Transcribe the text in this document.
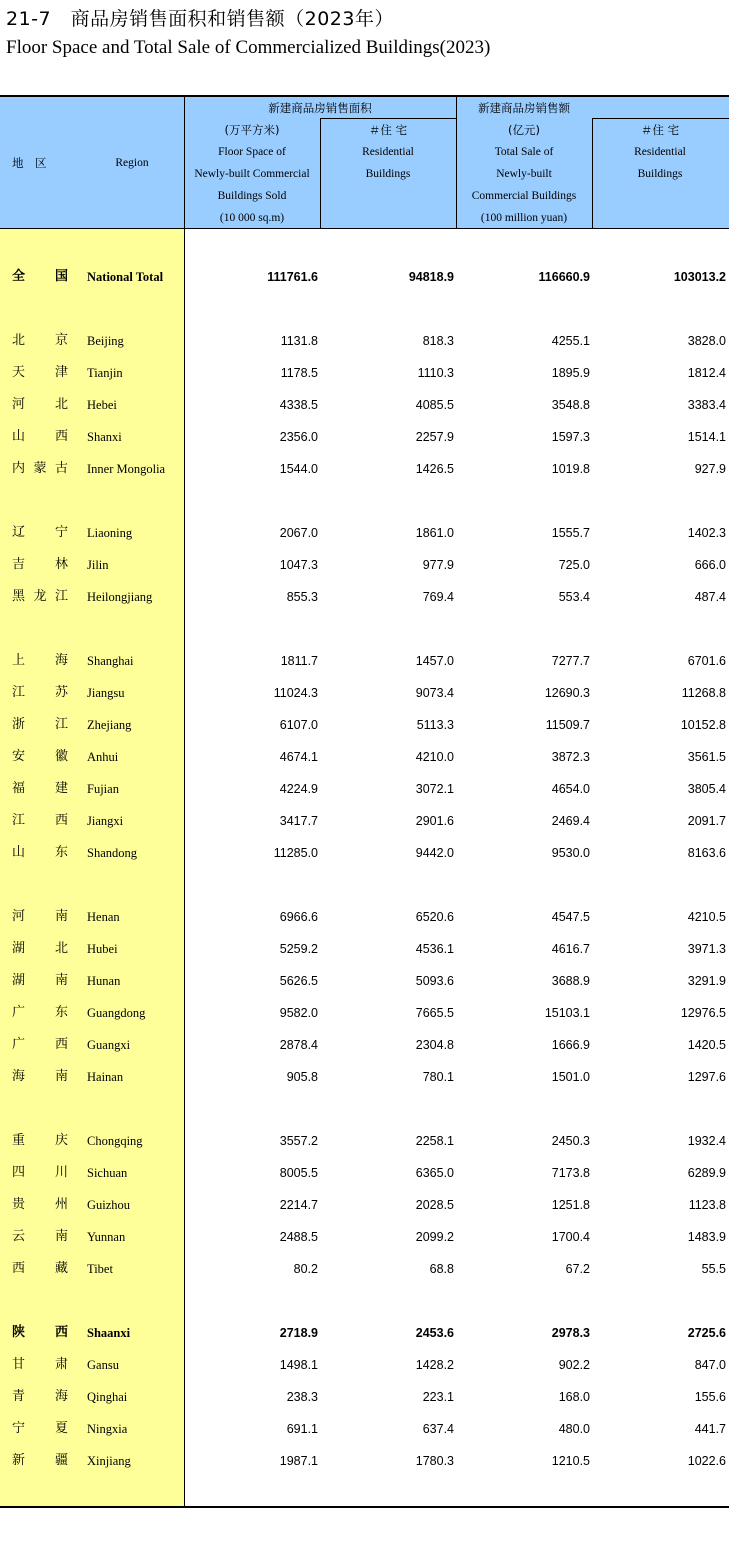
21-7　商品房销售面积和销售额（2023年）
Floor Space and Total Sale of Commercialized Buildings(2023)
地　区	Region
新建商品房销售面积
(万平方米)
Floor Space of
Newly-built Commercial
Buildings Sold
(10 000 sq.m)
＃住 宅
Residential
Buildings
新建商品房销售额
(亿元)
Total Sale of
Newly-built
Commercial Buildings
(100 million yuan)
＃住 宅
Residential
Buildings
全 国 National Total	111761.6	94818.9	116660.9	103013.2
北 京 Beijing	1131.8	818.3	4255.1	3828.0
天 津 Tianjin	1178.5	1110.3	1895.9	1812.4
河 北 Hebei	4338.5	4085.5	3548.8	3383.4
山 西 Shanxi	2356.0	2257.9	1597.3	1514.1
内 蒙 古 Inner Mongolia	1544.0	1426.5	1019.8	927.9
辽 宁 Liaoning	2067.0	1861.0	1555.7	1402.3
吉 林 Jilin	1047.3	977.9	725.0	666.0
黑 龙 江 Heilongjiang	855.3	769.4	553.4	487.4
上 海 Shanghai	1811.7	1457.0	7277.7	6701.6
江 苏 Jiangsu	11024.3	9073.4	12690.3	11268.8
浙 江 Zhejiang	6107.0	5113.3	11509.7	10152.8
安 徽 Anhui	4674.1	4210.0	3872.3	3561.5
福 建 Fujian	4224.9	3072.1	4654.0	3805.4
江 西 Jiangxi	3417.7	2901.6	2469.4	2091.7
山 东 Shandong	11285.0	9442.0	9530.0	8163.6
河 南 Henan	6966.6	6520.6	4547.5	4210.5
湖 北 Hubei	5259.2	4536.1	4616.7	3971.3
湖 南 Hunan	5626.5	5093.6	3688.9	3291.9
广 东 Guangdong	9582.0	7665.5	15103.1	12976.5
广 西 Guangxi	2878.4	2304.8	1666.9	1420.5
海 南 Hainan	905.8	780.1	1501.0	1297.6
重 庆 Chongqing	3557.2	2258.1	2450.3	1932.4
四 川 Sichuan	8005.5	6365.0	7173.8	6289.9
贵 州 Guizhou	2214.7	2028.5	1251.8	1123.8
云 南 Yunnan	2488.5	2099.2	1700.4	1483.9
西 藏 Tibet	80.2	68.8	67.2	55.5
陕 西 Shaanxi	2718.9	2453.6	2978.3	2725.6
甘 肃 Gansu	1498.1	1428.2	902.2	847.0
青 海 Qinghai	238.3	223.1	168.0	155.6
宁 夏 Ningxia	691.1	637.4	480.0	441.7
新 疆 Xinjiang	1987.1	1780.3	1210.5	1022.6
